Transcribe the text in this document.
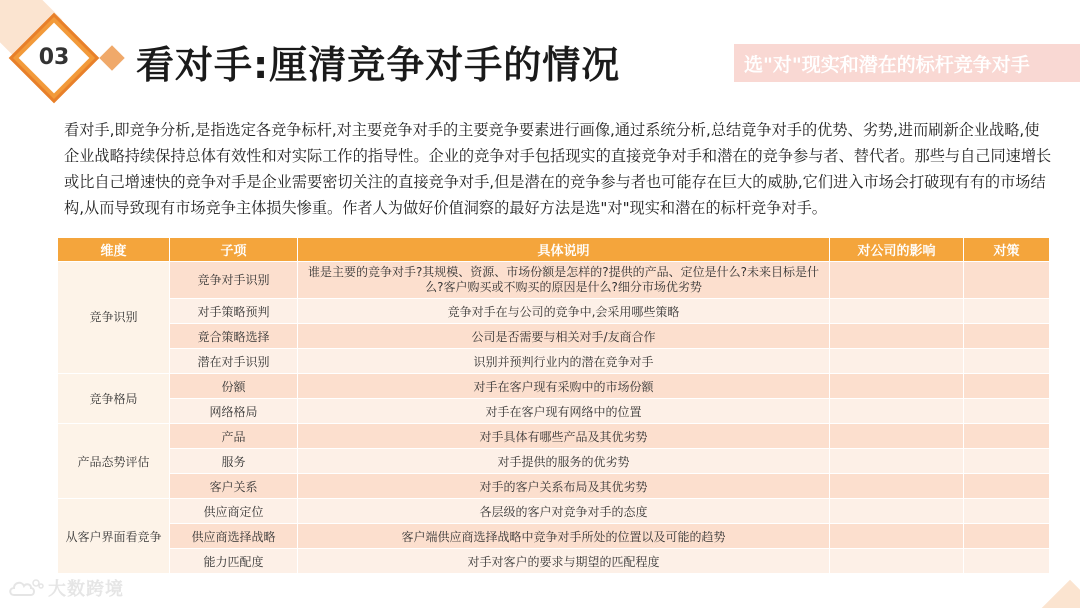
03	看对手:厘清竞争对手的情况	选"对"现实和潜在的标杆竞争对手
看对手,即竞争分析,是指选定各竞争标杆,对主要竞争对手的主要竞争要素进行画像,通过系统分析,总结竟争对手的优势、劣势,进而刷新企业战略,使企业战略持续保持总体有效性和对实际工作的指导性。企业的竞争对手包括现实的直接竞争对手和潜在的竞争参与者、替代者。那些与自己同速增长或比自己增速快的竞争对手是企业需要密切关注的直接竞争对手,但是潜在的竞争参与者也可能存在巨大的威胁,它们进入市场会打破现有有的市场结构,从而导致现有市场竞争主体损失惨重。作者人为做好价值洞察的最好方法是选"对"现实和潜在的标杆竞争对手。
维度	子项	具体说明	对公司的影响	对策
竞争识别	竞争对手识别	谁是主要的竞争对手?其规模、资源、市场份额是怎样的?提供的产品、定位是什么?未来目标是什么?客户购买或不购买的原因是什么?细分市场优劣势		
	对手策略预判	竞争对手在与公司的竞争中,会采用哪些策略		
	竟合策略选择	公司是否需要与相关对手/友商合作		
	潜在对手识别	识别并预判行业内的潜在竞争对手		
竞争格局	份额	对手在客户现有采购中的市场份额		
	网络格局	对手在客户现有网络中的位置		
产品态势评估	产品	对手具体有哪些产品及其优劣势		
	服务	对手提供的服务的优劣势		
	客户关系	对手的客户关系布局及其优劣势		
从客户界面看竞争	供应商定位	各层级的客户对竞争对手的态度		
	供应商选择战略	客户端供应商选择战略中竞争对手所处的位置以及可能的趋势		
	能力匹配度	对手对客户的要求与期望的匹配程度		
大数跨境
